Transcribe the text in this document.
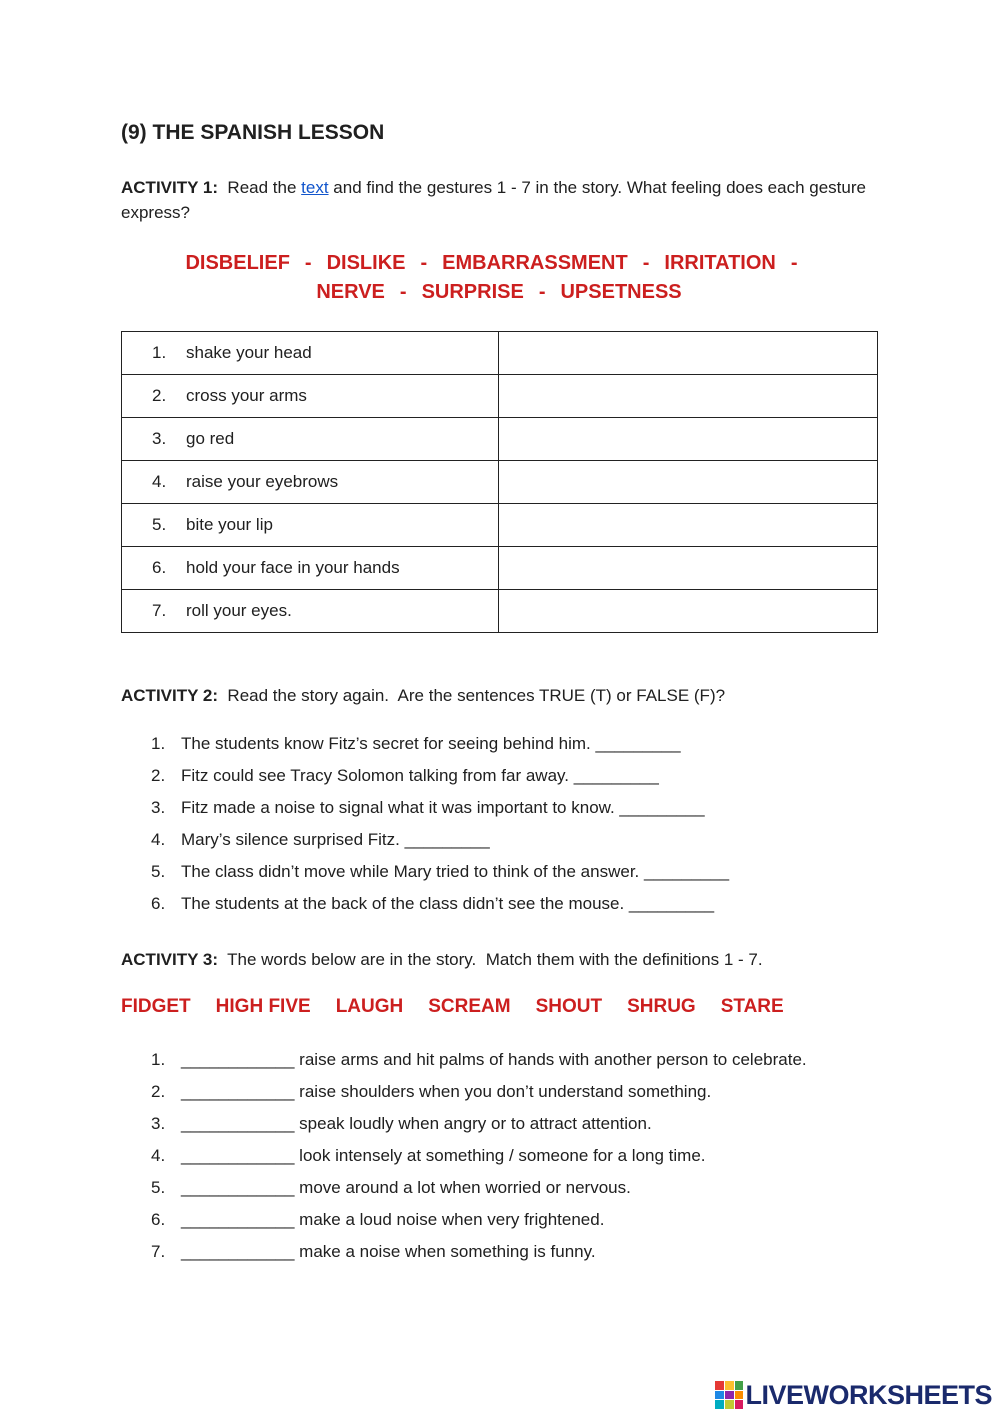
(9) THE SPANISH LESSON
ACTIVITY 1:  Read the text and find the gestures 1 - 7 in the story. What feeling does each gesture express?
DISBELIEF - DISLIKE - EMBARRASSMENT - IRRITATION -
NERVE - SURPRISE - UPSETNESS
1. shake your head	
2. cross your arms	
3. go red	
4. raise your eyebrows	
5. bite your lip	
6. hold your face in your hands	
7. roll your eyes.	
ACTIVITY 2:  Read the story again.  Are the sentences TRUE (T) or FALSE (F)?
1. The students know Fitz’s secret for seeing behind him. _________
2. Fitz could see Tracy Solomon talking from far away. _________
3. Fitz made a noise to signal what it was important to know. _________
4. Mary’s silence surprised Fitz. _________
5. The class didn’t move while Mary tried to think of the answer. _________
6. The students at the back of the class didn’t see the mouse. _________
ACTIVITY 3:  The words below are in the story.  Match them with the definitions 1 - 7.
FIDGET HIGH FIVE LAUGH SCREAM SHOUT SHRUG STARE
1. ____________ raise arms and hit palms of hands with another person to celebrate.
2. ____________ raise shoulders when you don’t understand something.
3. ____________ speak loudly when angry or to attract attention.
4. ____________ look intensely at something / someone for a long time.
5. ____________ move around a lot when worried or nervous.
6. ____________ make a loud noise when very frightened.
7. ____________ make a noise when something is funny.
LIVEWORKSHEETS
